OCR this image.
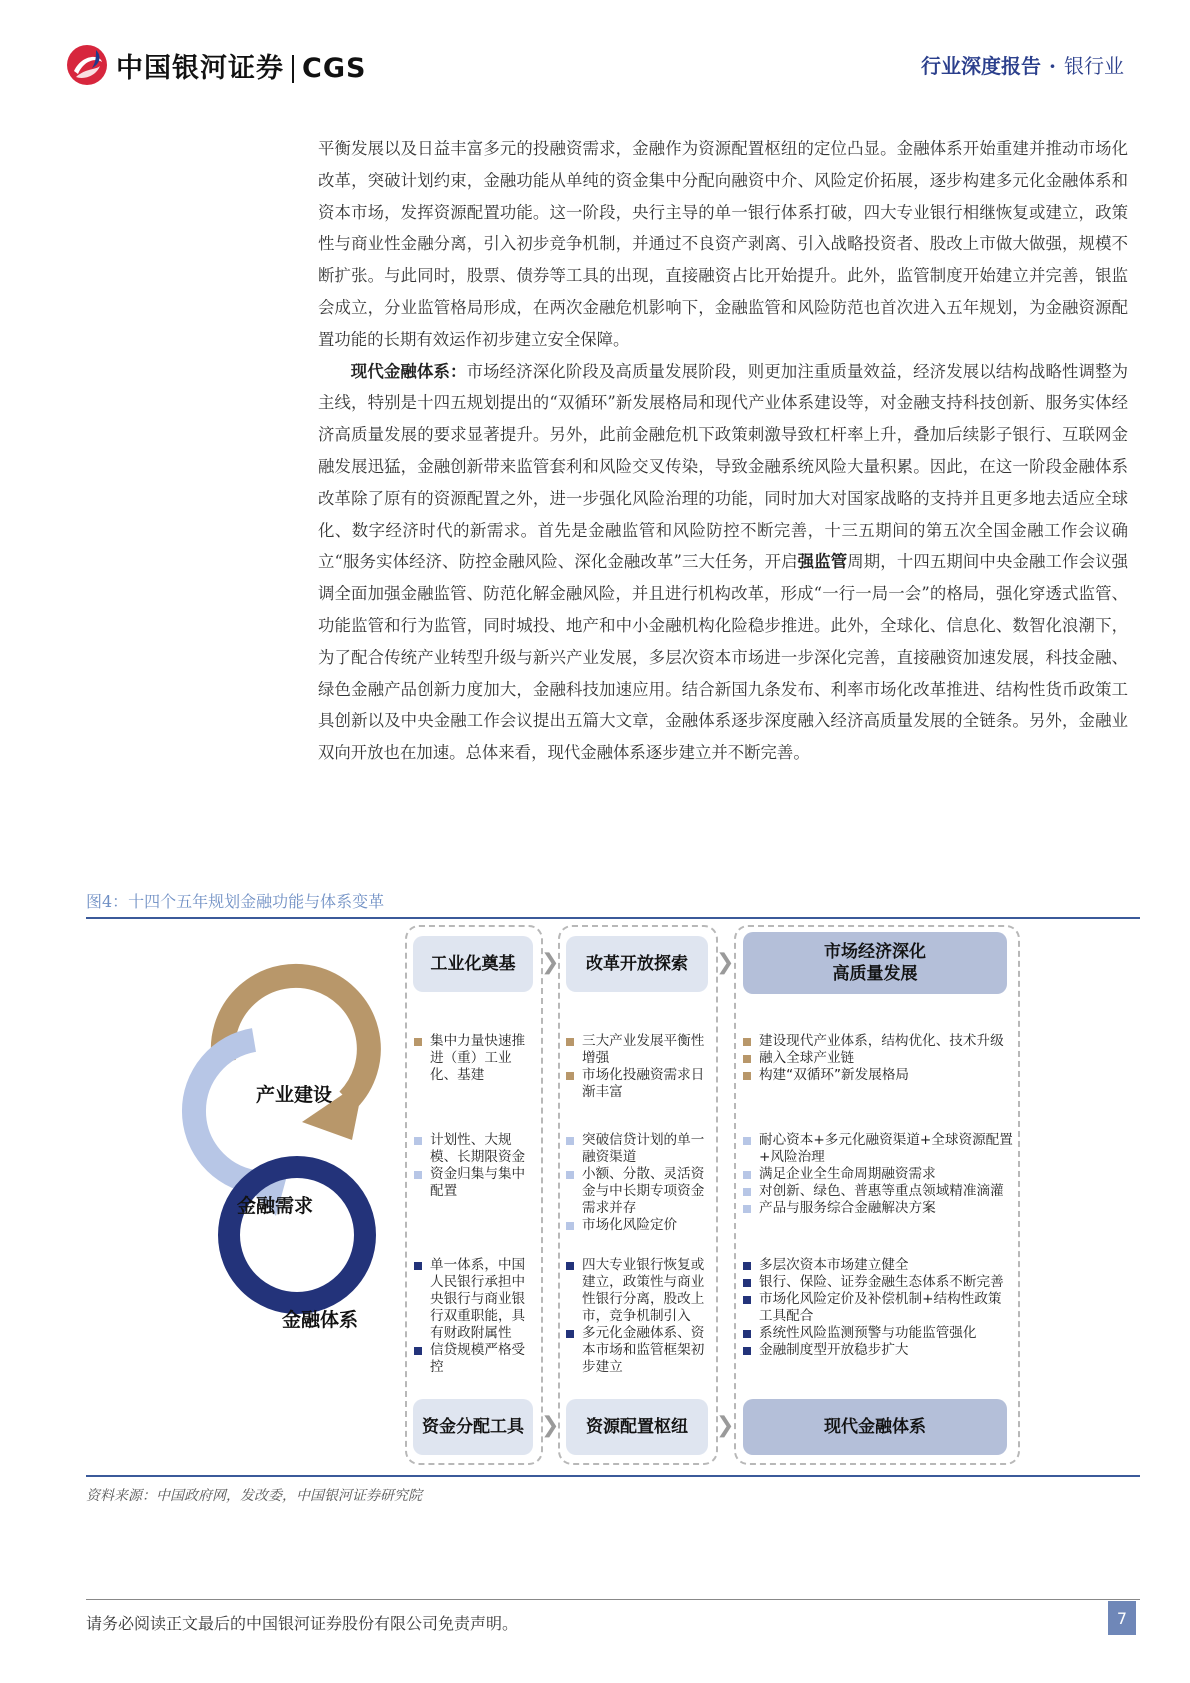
中国银河证券 CGS	行业深度报告 · 银行业

平衡发展以及日益丰富多元的投融资需求，金融作为资源配置枢纽的定位凸显。金融体系开始重建并推动市场化改革，突破计划约束，金融功能从单纯的资金集中分配向融资中介、风险定价拓展，逐步构建多元化金融体系和资本市场，发挥资源配置功能。这一阶段，央行主导的单一银行体系打破，四大专业银行相继恢复或建立，政策性与商业性金融分离，引入初步竞争机制，并通过不良资产剥离、引入战略投资者、股改上市做大做强，规模不断扩张。与此同时，股票、债券等工具的出现，直接融资占比开始提升。此外，监管制度开始建立并完善，银监会成立，分业监管格局形成，在两次金融危机影响下，金融监管和风险防范也首次进入五年规划，为金融资源配置功能的长期有效运作初步建立安全保障。

现代金融体系：市场经济深化阶段及高质量发展阶段，则更加注重质量效益，经济发展以结构战略性调整为主线，特别是十四五规划提出的“双循环”新发展格局和现代产业体系建设等，对金融支持科技创新、服务实体经济高质量发展的要求显著提升。另外，此前金融危机下政策刺激导致杠杆率上升，叠加后续影子银行、互联网金融发展迅猛，金融创新带来监管套利和风险交叉传染，导致金融系统风险大量积累。因此，在这一阶段金融体系改革除了原有的资源配置之外，进一步强化风险治理的功能，同时加大对国家战略的支持并且更多地去适应全球化、数字经济时代的新需求。首先是金融监管和风险防控不断完善，十三五期间的第五次全国金融工作会议确立“服务实体经济、防控金融风险、深化金融改革”三大任务，开启强监管周期，十四五期间中央金融工作会议强调全面加强金融监管、防范化解金融风险，并且进行机构改革，形成“一行一局一会”的格局，强化穿透式监管、功能监管和行为监管，同时城投、地产和中小金融机构化险稳步推进。此外，全球化、信息化、数智化浪潮下，为了配合传统产业转型升级与新兴产业发展，多层次资本市场进一步深化完善，直接融资加速发展，科技金融、绿色金融产品创新力度加大，金融科技加速应用。结合新国九条发布、利率市场化改革推进、结构性货币政策工具创新以及中央金融工作会议提出五篇大文章，金融体系逐步深度融入经济高质量发展的全链条。另外，金融业双向开放也在加速。总体来看，现代金融体系逐步建立并不断完善。

图4：十四个五年规划金融功能与体系变革
产业建设
金融需求
金融体系
工业化奠基
集中力量快速推进（重）工业化、基建
计划性、大规模、长期限资金
资金归集与集中配置
单一体系，中国人民银行承担中央银行与商业银行双重职能，具有财政附属性
信贷规模严格受控
资金分配工具
❯
❯
改革开放探索
三大产业发展平衡性增强
市场化投融资需求日渐丰富
突破信贷计划的单一融资渠道
小额、分散、灵活资金与中长期专项资金需求并存
市场化风险定价
四大专业银行恢复或建立，政策性与商业性银行分离，股改上市，竞争机制引入
多元化金融体系、资本市场和监管框架初步建立
资源配置枢纽
❯
❯
市场经济深化
高质量发展
建设现代产业体系，结构优化、技术升级
融入全球产业链
构建“双循环”新发展格局
耐心资本+多元化融资渠道+全球资源配置+风险治理
满足企业全生命周期融资需求
对创新、绿色、普惠等重点领域精准滴灌
产品与服务综合金融解决方案
多层次资本市场建立健全
银行、保险、证券金融生态体系不断完善
市场化风险定价及补偿机制+结构性政策工具配合
系统性风险监测预警与功能监管强化
金融制度型开放稳步扩大
现代金融体系
资料来源：中国政府网，发改委，中国银河证券研究院
请务必阅读正文最后的中国银河证券股份有限公司免责声明。	7
